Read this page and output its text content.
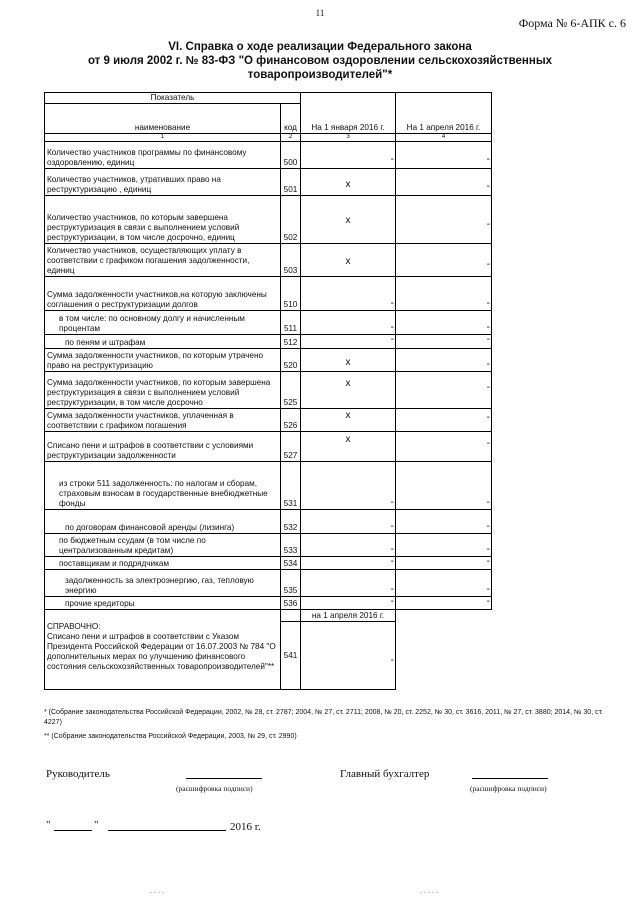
11
Форма № 6-АПК с. 6
VI. Справка о ходе реализации Федерального закона
от 9 июля 2002 г. № 83-ФЗ "О финансовом оздоровлении сельскохозяйственных
товаропроизводителей"*
Показатель		На 1 января 2016 г.	На 1 апреля 2016 г.
наименование	код		
1	2	3	4
Количество участников программы по финансовому оздоровлению, единиц	500	-	-

Количество участников, утративших право на реструктуризацию , единиц	501	x	-

Количество участников, по которым завершена реструктуризация в связи с выполнением условий реструктуризации, в том числе досрочно, единиц	502	x	-

Количество участников, осуществляющих уплату в соответствии с графиком погашения задолженности, единиц	503	x	-

Сумма задолженности участников,на которую заключены соглашения о реструктуризации долгов	510	-	-

в том числе: по основному долгу и начисленным процентам	511	-	-

по пеням и штрафам	512	-	-

Сумма задолженности участников, по которым утрачено право на реструктуризацию	520	x	-

Сумма задолженности участников, по которым завершена реструктуризация в связи с выполнением условий реструктуризации, в том числе досрочно	525	x	-

Сумма задолженности участников, уплаченная в соответствии с графиком погашения	526	x	-

Списано пени и штрафов в соответствии с условиями реструктуризации задолженности	527	x	-

из строки 511 задолженность: по налогам и сборам, страховым взносам в государственные внебюджетные фонды	531	-	-

по договорам финансовой аренды (лизинга)	532	-	-

по бюджетным ссудам (в том числе по централизованным кредитам)	533	-	-

поставщикам и подрядчикам	534	-	-

задолженность за электроэнергию, газ, тепловую энергию	535	-	-

прочие кредиторы	536	-	-

		на 1 апреля 2016 г.	

СПРАВОЧНО:
Списано пени и штрафов в соответствии с Указом Президента Российской Федерации от 16.07.2003 № 784 "О дополнительных мерах по улучшению финансового состояния сельскохозяйственных товаропроизводителей"**	541	-	

* (Собрание законодательства Российской Федерации, 2002, № 28, ст. 2787; 2004, № 27, ст. 2711; 2008, № 20, ст. 2252, № 30, ст. 3616, 2011, № 27, ст. 3880; 2014, № 30, ст. 4227)
** (Собрание законодательства Российской Федерации, 2003, № 29, ст. 2990)
Руководитель
(расшифровка подписи)
Главный бухгалтер
(расшифровка подписи)
"	"	2016 г.
. . . .	. . . . .
